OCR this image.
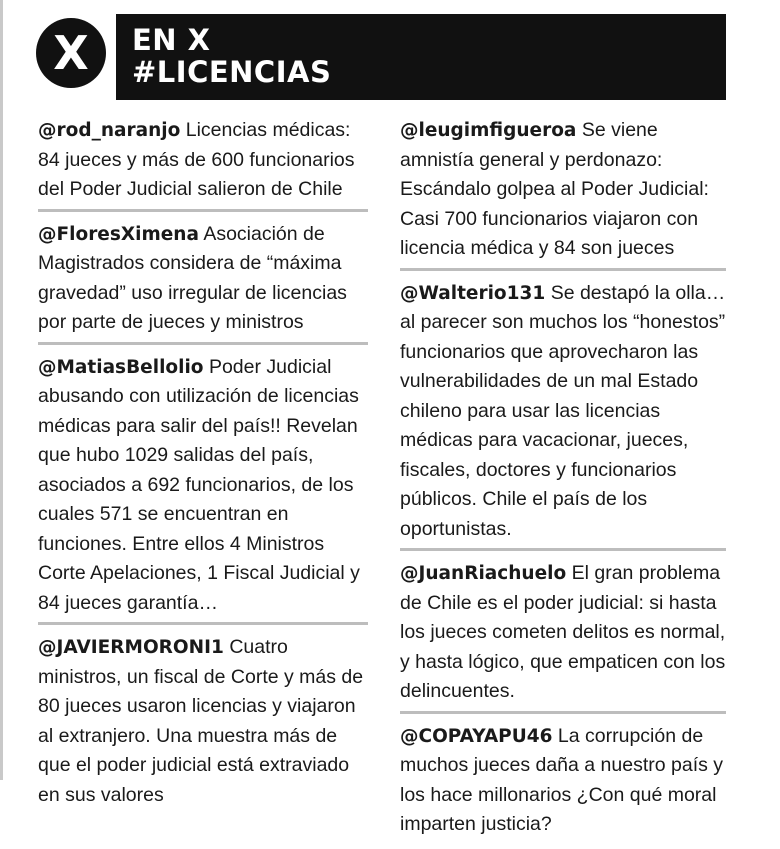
X	EN X
#LICENCIAS
@rod_naranjo Licencias médicas: 84 jueces y más de 600 funcionarios del Poder Judicial salieron de Chile
@FloresXimena Asociación de Magistrados considera de “máxima gravedad” uso irregular de licencias por parte de jueces y ministros
@MatiasBellolio Poder Judicial abusando con utilización de licencias médicas para salir del país!! Revelan que hubo 1029 salidas del país, asociados a 692 funcionarios, de los cuales 571 se encuentran en funciones. Entre ellos 4 Ministros Corte Apelaciones, 1 Fiscal Judicial y 84 jueces garantía…
@JAVIERMORONI1 Cuatro ministros, un fiscal de Corte y más de 80 jueces usaron licencias y viajaron al extranjero. Una muestra más de que el poder judicial está extraviado en sus valores
@leugimfigueroa Se viene amnistía general y perdonazo: Escándalo golpea al Poder Judicial: Casi 700 funcionarios viajaron con licencia médica y 84 son jueces
@Walterio131 Se destapó la olla… al parecer son muchos los “honestos” funcionarios que aprovecharon las vulnerabilidades de un mal Estado chileno para usar las licencias médicas para vacacionar, jueces, fiscales, doctores y funcionarios públicos. Chile el país de los oportunistas.
@JuanRiachuelo El gran problema de Chile es el poder judicial: si hasta los jueces cometen delitos es normal, y hasta lógico, que empaticen con los delincuentes.
@COPAYAPU46 La corrupción de muchos jueces daña a nuestro país y los hace millonarios ¿Con qué moral imparten justicia?
